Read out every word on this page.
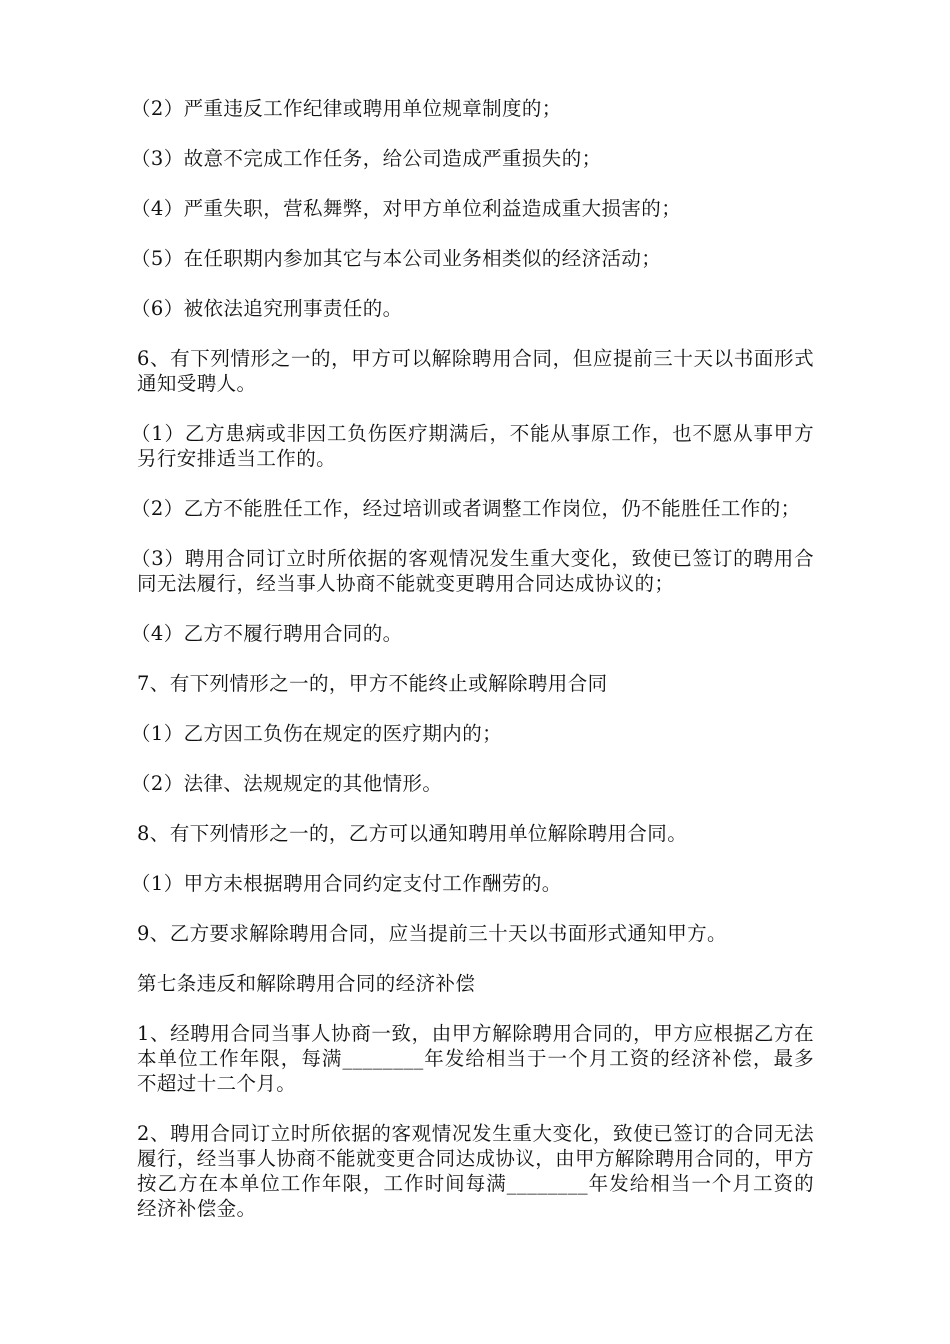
（2）严重违反工作纪律或聘用单位规章制度的；

（3）故意不完成工作任务，给公司造成严重损失的；

（4）严重失职，营私舞弊，对甲方单位利益造成重大损害的；

（5）在任职期内参加其它与本公司业务相类似的经济活动；

（6）被依法追究刑事责任的。

6、有下列情形之一的，甲方可以解除聘用合同，但应提前三十天以书面形式通知受聘人。

（1）乙方患病或非因工负伤医疗期满后，不能从事原工作，也不愿从事甲方另行安排适当工作的。

（2）乙方不能胜任工作，经过培训或者调整工作岗位，仍不能胜任工作的；

（3）聘用合同订立时所依据的客观情况发生重大变化，致使已签订的聘用合同无法履行，经当事人协商不能就变更聘用合同达成协议的；

（4）乙方不履行聘用合同的。

7、有下列情形之一的，甲方不能终止或解除聘用合同

（1）乙方因工负伤在规定的医疗期内的；

（2）法律、法规规定的其他情形。

8、有下列情形之一的，乙方可以通知聘用单位解除聘用合同。

（1）甲方未根据聘用合同约定支付工作酬劳的。

9、乙方要求解除聘用合同，应当提前三十天以书面形式通知甲方。

第七条违反和解除聘用合同的经济补偿

1、经聘用合同当事人协商一致，由甲方解除聘用合同的，甲方应根据乙方在本单位工作年限，每满________年发给相当于一个月工资的经济补偿，最多不超过十二个月。

2、聘用合同订立时所依据的客观情况发生重大变化，致使已签订的合同无法履行，经当事人协商不能就变更合同达成协议，由甲方解除聘用合同的，甲方按乙方在本单位工作年限，工作时间每满________年发给相当一个月工资的经济补偿金。
